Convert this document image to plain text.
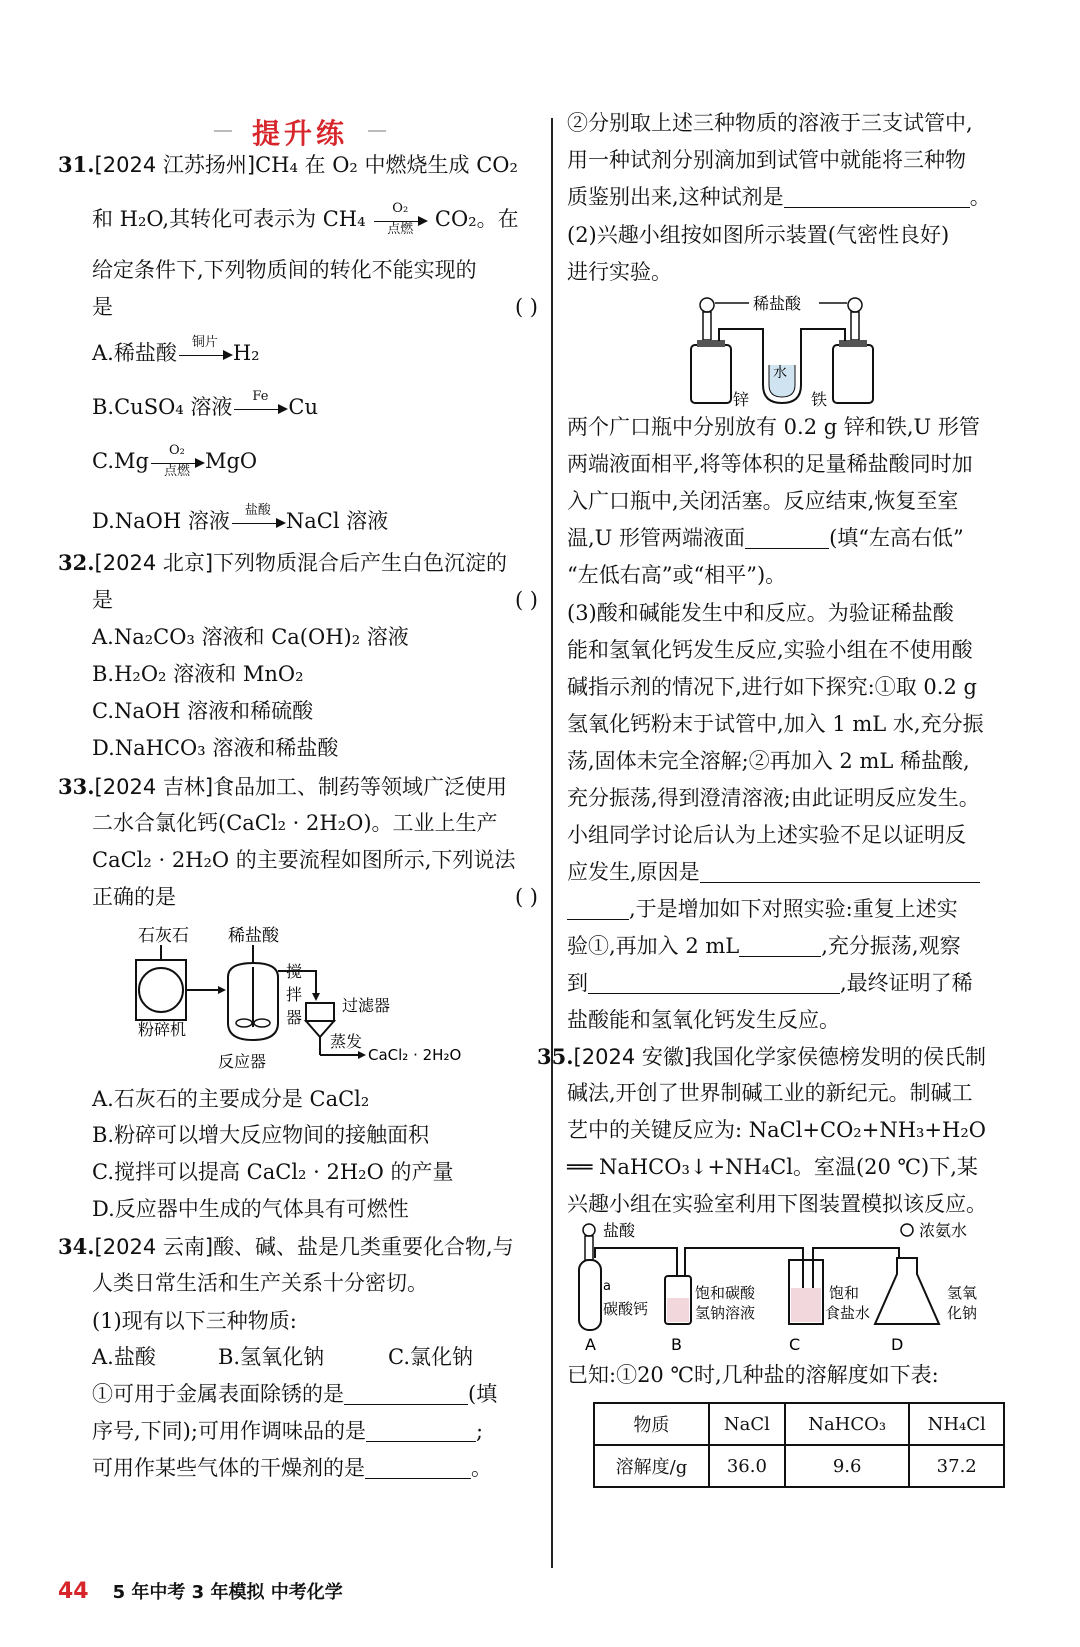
提升练
31.[2024 江苏扬州]CH₄ 在 O₂ 中燃烧生成 CO₂
和 H₂O,其转化可表示为 CH₄	O₂
点燃	CO₂。在
给定条件下,下列物质间的转化不能实现的
是	( )
A.稀盐酸	铜片 H₂
B.CuSO₄ 溶液	Fe Cu
C.Mg	O₂
点燃 MgO
D.NaOH 溶液	盐酸 NaCl 溶液
32.[2024 北京]下列物质混合后产生白色沉淀的
是	( )
A.Na₂CO₃ 溶液和 Ca(OH)₂ 溶液
B.H₂O₂ 溶液和 MnO₂
C.NaOH 溶液和稀硫酸
D.NaHCO₃ 溶液和稀盐酸
33.[2024 吉林]食品加工、制药等领域广泛使用
二水合氯化钙(CaCl₂ · 2H₂O)。工业上生产
CaCl₂ · 2H₂O 的主要流程如图所示,下列说法
正确的是	( )
石灰石 稀盐酸
粉碎机
搅
拌
器
过滤器
蒸发
CaCl₂ · 2H₂O
反应器
A.石灰石的主要成分是 CaCl₂
B.粉碎可以增大反应物间的接触面积
C.搅拌可以提高 CaCl₂ · 2H₂O 的产量
D.反应器中生成的气体具有可燃性
34.[2024 云南]酸、碱、盐是几类重要化合物,与
人类日常生活和生产关系十分密切。
(1)现有以下三种物质:
A.盐酸	B.氢氧化钠	C.氯化钠
①可用于金属表面除锈的是	(填
序号,下同);可用作调味品的是	;
可用作某些气体的干燥剂的是	。
②分别取上述三种物质的溶液于三支试管中,
用一种试剂分别滴加到试管中就能将三种物
质鉴别出来,这种试剂是	。
(2)兴趣小组按如图所示装置(气密性良好)
进行实验。
稀盐酸
水
锌	铁
两个广口瓶中分别放有 0.2 g 锌和铁,U 形管
两端液面相平,将等体积的足量稀盐酸同时加
入广口瓶中,关闭活塞。反应结束,恢复至室
温,U 形管两端液面	(填“左高右低”
“左低右高”或“相平”)。
(3)酸和碱能发生中和反应。为验证稀盐酸
能和氢氧化钙发生反应,实验小组在不使用酸
碱指示剂的情况下,进行如下探究:①取 0.2 g
氢氧化钙粉末于试管中,加入 1 mL 水,充分振
荡,固体未完全溶解;②再加入 2 mL 稀盐酸,
充分振荡,得到澄清溶液;由此证明反应发生。
小组同学讨论后认为上述实验不足以证明反
应发生,原因是
,于是增加如下对照实验:重复上述实
验①,再加入 2 mL	,充分振荡,观察
到	,最终证明了稀
盐酸能和氢氧化钙发生反应。
35.[2024 安徽]我国化学家侯德榜发明的侯氏制
碱法,开创了世界制碱工业的新纪元。制碱工
艺中的关键反应为: NaCl+CO₂+NH₃+H₂O
══ NaHCO₃↓+NH₄Cl。室温(20 ℃)下,某
兴趣小组在实验室利用下图装置模拟该反应。
盐酸
a
碳酸钙
饱和碳酸
氢钠溶液
饱和
食盐水
浓氨水
氢氧
化钠
A	B	C	D
已知:①20 ℃时,几种盐的溶解度如下表:
物质	NaCl	NaHCO₃	NH₄Cl
溶解度/g	36.0	9.6	37.2
44 5 年中考 3 年模拟 中考化学
